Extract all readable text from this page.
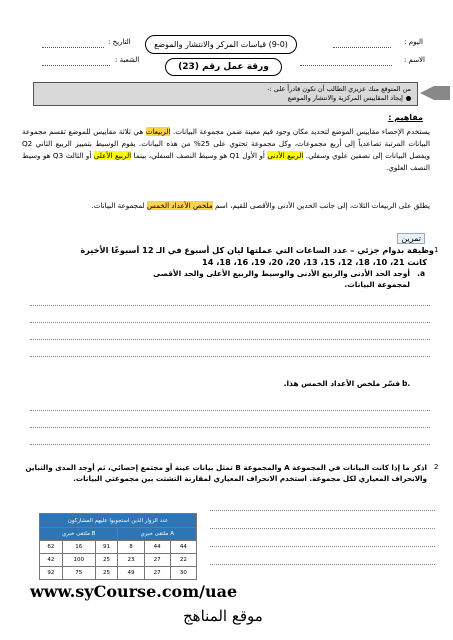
اليوم :
التاريخ :
الاسم :
الشعبة :
(9-0) قياسات المركز والانتشار والموضع
ورقة عمل رقم (23)
من المتوقع منك عزيزي الطالب أن تكون قادراً على :-
إيجاد المقاييس المركزية والانتشار والموضع
مفاهيم :
يستخدم الإحصاء مقاييس الموضع لتحديد مكان وجود قيم معينة ضمن مجموعة البيانات. الربيعات هي ثلاثة مقاييس للموضع تقسم مجموعة البيانات المرتبة تصاعدياً إلى أربع مجموعات، وكل مجموعة تحتوي على 25% من هذه البيانات. يقوم الوسيط بتمييز الربيع الثاني Q2 ويفصل البيانات إلى نصفين علوي وسفلي. الربيع الأدنى أو الأول Q1 هو وسيط النصف السفلي، بينما الربيع الأعلى أو الثالث Q3 هو وسيط النصف العلوي.
يطلق على الربيعات الثلاث، إلى جانب الحدين الأدنى والأقصى للقيم، اسم ملخص الأعداد الخمس لمجموعة البيانات.
تمرين
1
وظيفة بدوام جزئي – عدد الساعات التي عملتها ليان كل أسبوع في الـ 12 أسبوعًا الأخيرة
كانت 21، 10، 18، 12، 15، 13، 20، 20، 19، 16، 18، 14
a.
أوجد الحد الأدنى والربيع الأدنى والوسيط والربيع الأعلى والحد الأقصى لمجموعة البيانات.
فسّر ملخص الأعداد الخمس هذا. b.
2
اذكر ما إذا كانت البيانات في المجموعة A والمجموعة B تمثل بيانات عينة أو مجتمع إحصائي، ثم أوجد المدى والتباين والانحراف المعياري لكل مجموعة. استخدم الانحراف المعياري لمقارنة التشتت بين مجموعتي البيانات.
عدد الزوار الذين استجوبوا عليهم المشاركون					
ملتقى خبري B			ملتقى خبري A		
62	16	91	8	44	44
42	100	25	23	27	22
92	75	25	49	27	30
www.syCourse.com/uae
موقع المناهج
